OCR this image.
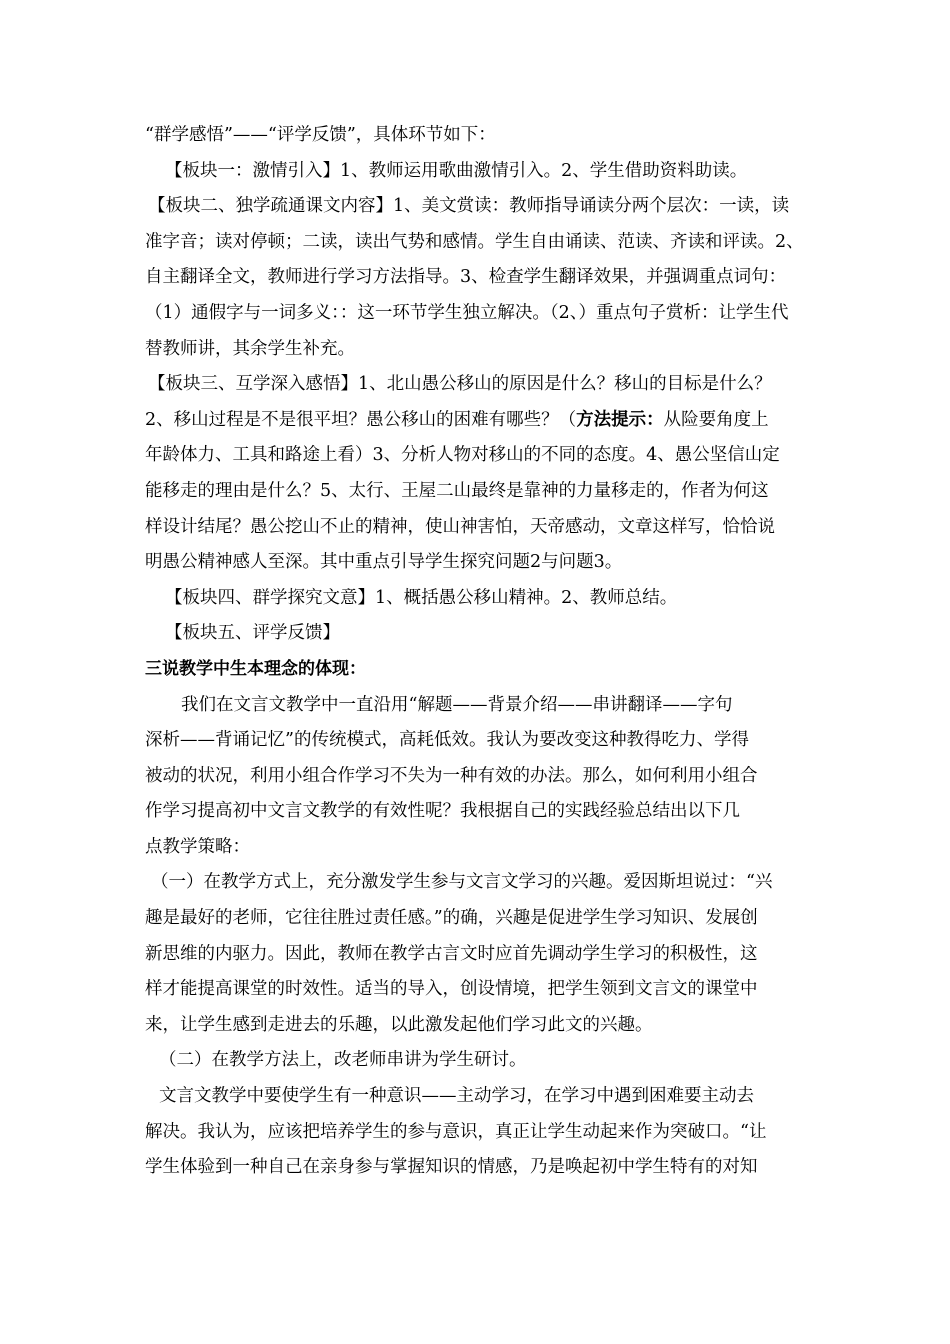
“群学感悟”——“评学反馈”，具体环节如下：
【板块一：激情引入】1、教师运用歌曲激情引入。2、学生借助资料助读。
【板块二、独学疏通课文内容】1、美文赏读：教师指导诵读分两个层次：一读，读
准字音；读对停顿；二读，读出气势和感情。学生自由诵读、范读、齐读和评读。2、
自主翻译全文，教师进行学习方法指导。3、检查学生翻译效果，并强调重点词句：
（1）通假字与一词多义：：这一环节学生独立解决。（2、）重点句子赏析：让学生代
替教师讲，其余学生补充。
【板块三、互学深入感悟】1、北山愚公移山的原因是什么？移山的目标是什么？
2、移山过程是不是很平坦？愚公移山的困难有哪些？（方法提示：从险要角度上
年龄体力、工具和路途上看）3、分析人物对移山的不同的态度。4、愚公坚信山定
能移走的理由是什么？5、太行、王屋二山最终是靠神的力量移走的，作者为何这
样设计结尾？愚公挖山不止的精神，使山神害怕，天帝感动，文章这样写，恰恰说
明愚公精神感人至深。其中重点引导学生探究问题2与问题3。
【板块四、群学探究文意】1、概括愚公移山精神。2、教师总结。
【板块五、评学反馈】
三说教学中生本理念的体现：
我们在文言文教学中一直沿用“解题——背景介绍——串讲翻译——字句
深析——背诵记忆”的传统模式，高耗低效。我认为要改变这种教得吃力、学得
被动的状况，利用小组合作学习不失为一种有效的办法。那么，如何利用小组合
作学习提高初中文言文教学的有效性呢？我根据自己的实践经验总结出以下几
点教学策略：
（一）在教学方式上，充分激发学生参与文言文学习的兴趣。爱因斯坦说过：“兴
趣是最好的老师，它往往胜过责任感。”的确，兴趣是促进学生学习知识、发展创
新思维的内驱力。因此，教师在教学古言文时应首先调动学生学习的积极性，这
样才能提高课堂的时效性。适当的导入，创设情境，把学生领到文言文的课堂中
来，让学生感到走进去的乐趣，以此激发起他们学习此文的兴趣。
（二）在教学方法上，改老师串讲为学生研讨。
文言文教学中要使学生有一种意识——主动学习，在学习中遇到困难要主动去
解决。我认为，应该把培养学生的参与意识，真正让学生动起来作为突破口。“让
学生体验到一种自己在亲身参与掌握知识的情感，乃是唤起初中学生特有的对知
